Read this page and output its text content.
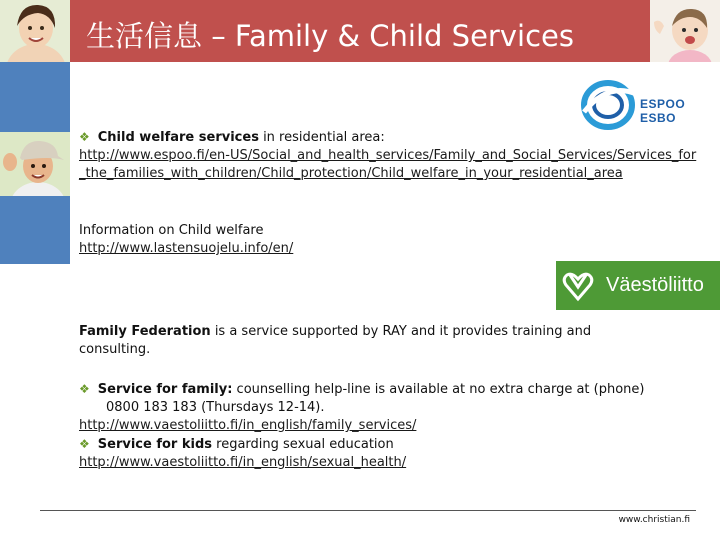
生活信息 – Family & Child Services
ESPOO
ESBO
Väestöliitto
❖ Child welfare services in residential area:
http://www.espoo.fi/en-US/Social_and_health_services/Family_and_Social_Services/Services_for_the_families_with_children/Child_protection/Child_welfare_in_your_residential_area
Information on Child welfare
http://www.lastensuojelu.info/en/
Family Federation is a service supported by RAY and it provides training and consulting.
❖ Service for family: counselling help-line is available at no extra charge at (phone) 0800 183 183 (Thursdays 12-14).
http://www.vaestoliitto.fi/in_english/family_services/
❖ Service for kids regarding sexual education
http://www.vaestoliitto.fi/in_english/sexual_health/
www.christian.fi
